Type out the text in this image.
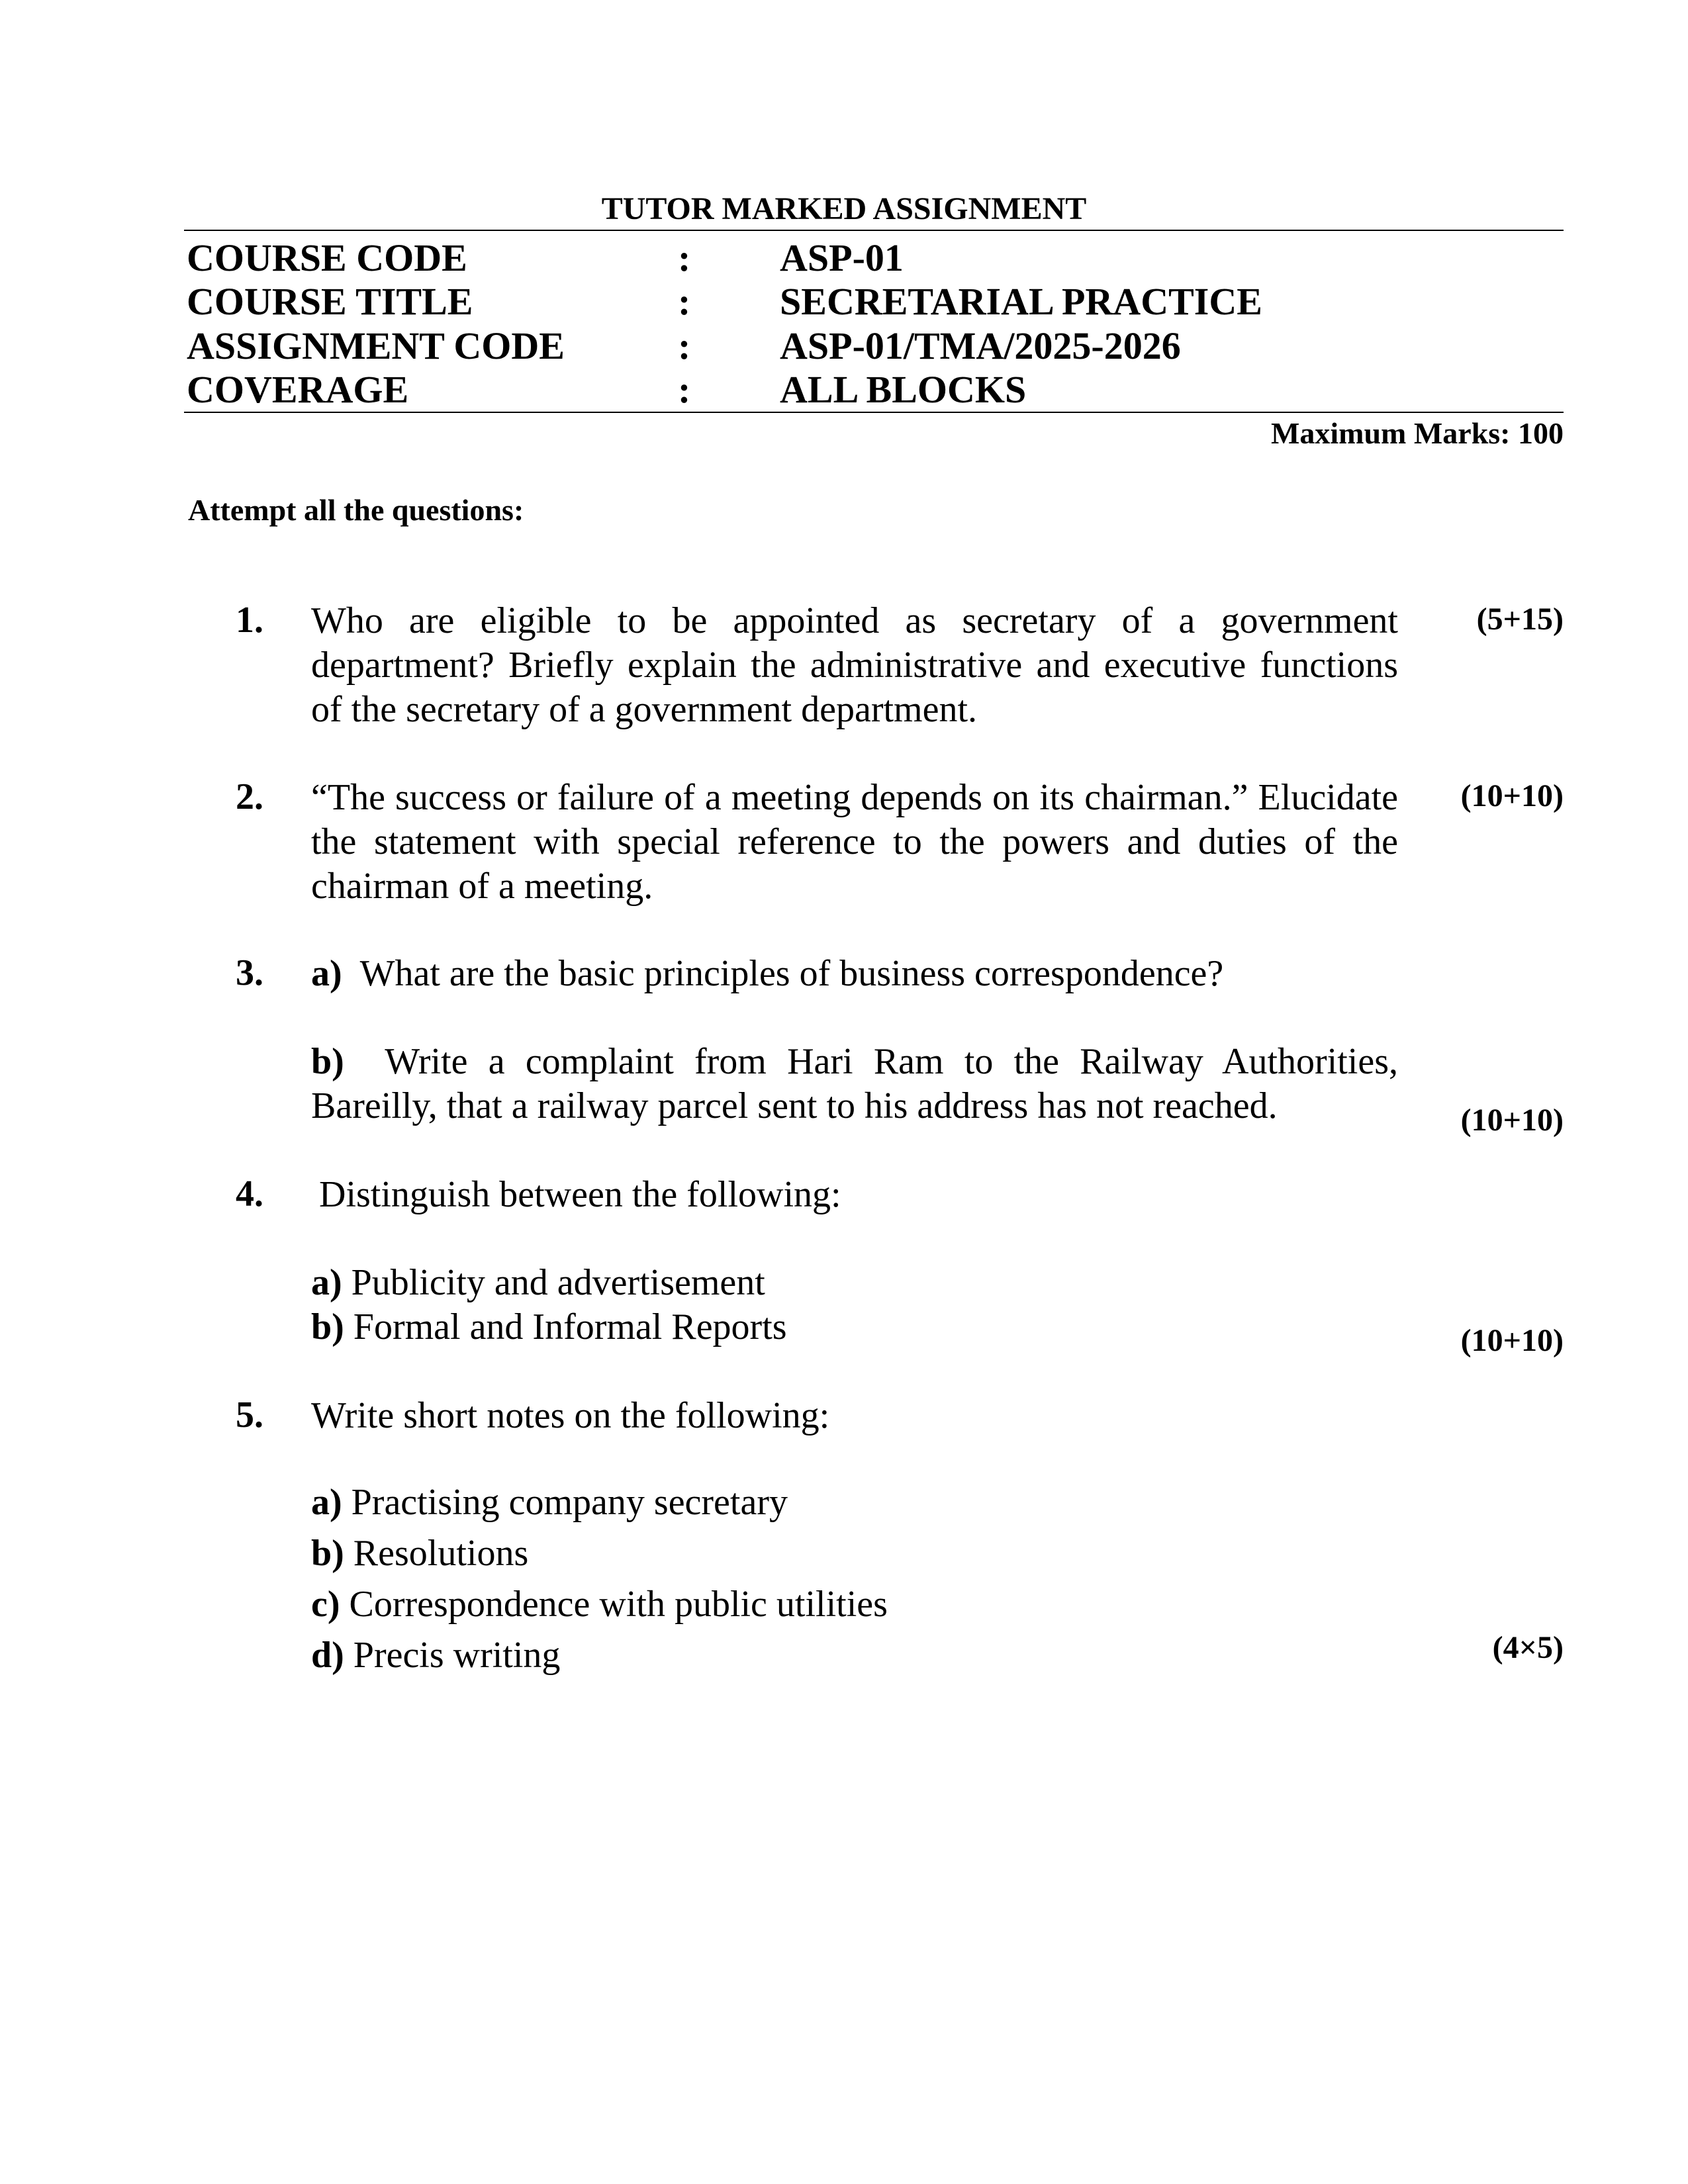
TUTOR MARKED ASSIGNMENT
COURSE CODE	: ASP-01
COURSE TITLE	: SECRETARIAL PRACTICE
ASSIGNMENT CODE	: ASP-01/TMA/2025-2026
COVERAGE	: ALL BLOCKS
Maximum Marks: 100
Attempt all the questions:
1. Who are eligible to be appointed as secretary of a government department? Briefly explain the administrative and executive functions of the secretary of a government department.
(5+15)
2. “The success or failure of a meeting depends on its chairman.” Elucidate the statement with special reference to the powers and duties of the chairman of a meeting.
(10+10)
3. a) What are the basic principles of business correspondence?
b) Write a complaint from Hari Ram to the Railway Authorities, Bareilly, that a railway parcel sent to his address has not reached.	(10+10)
4. Distinguish between the following:
a) Publicity and advertisement
b) Formal and Informal Reports	(10+10)
5. Write short notes on the following:
a) Practising company secretary
b) Resolutions
c) Correspondence with public utilities
d) Precis writing	(4×5)
